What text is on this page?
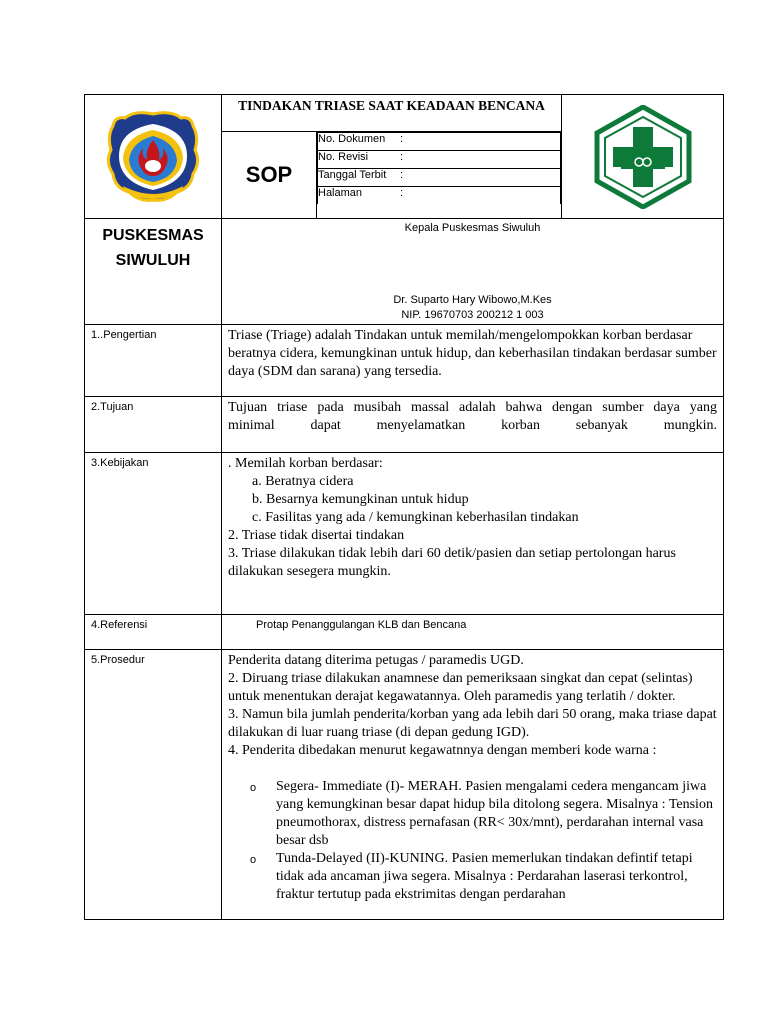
TINDAKAN TRIASE SAAT KEADAAN BENCANA
SOP	
No. Dokumen :
No. Revisi	:
Tanggal Terbit :
Halaman	:

PUSKESMAS
SIWULUH

Kepala Puskesmas Siwuluh
Dr. Suparto Hary Wibowo,M.Kes
NIP. 19670703 200212 1 003

1..Pengertian	Triase (Triage) adalah Tindakan untuk memilah/mengelompokkan korban berdasar beratnya cidera, kemungkinan untuk hidup, dan keberhasilan tindakan berdasar sumber daya (SDM dan sarana) yang tersedia.
2.Tujuan	Tujuan triase pada musibah massal adalah bahwa dengan sumber daya yang
minimal dapat menyelamatkan korban sebanyak mungkin.

3.Kebijakan	. Memilah korban berdasar:
a. Beratnya cidera
b. Besarnya kemungkinan untuk hidup
c. Fasilitas yang ada / kemungkinan keberhasilan tindakan
2. Triase tidak disertai tindakan
3. Triase dilakukan tidak lebih dari 60 detik/pasien dan setiap pertolongan harus dilakukan sesegera mungkin.

4.Referensi	Protap Penanggulangan KLB dan Bencana
5.Prosedur	Penderita datang diterima petugas / paramedis UGD.
2. Diruang triase dilakukan anamnese dan pemeriksaan singkat dan cepat (selintas) untuk menentukan derajat kegawatannya. Oleh paramedis yang terlatih / dokter.
3. Namun bila jumlah penderita/korban yang ada lebih dari 50 orang, maka triase dapat dilakukan di luar ruang triase (di depan gedung IGD).
4. Penderita dibedakan menurut kegawatnnya dengan memberi kode warna :
o Segera- Immediate (I)- MERAH. Pasien mengalami cedera mengancam jiwa yang kemungkinan besar dapat hidup bila ditolong segera. Misalnya : Tension pneumothorax, distress pernafasan (RR< 30x/mnt), perdarahan internal vasa besar dsb
o Tunda-Delayed (II)-KUNING. Pasien memerlukan tindakan defintif tetapi tidak ada ancaman jiwa segera. Misalnya : Perdarahan laserasi terkontrol, fraktur tertutup pada ekstrimitas dengan perdarahan
